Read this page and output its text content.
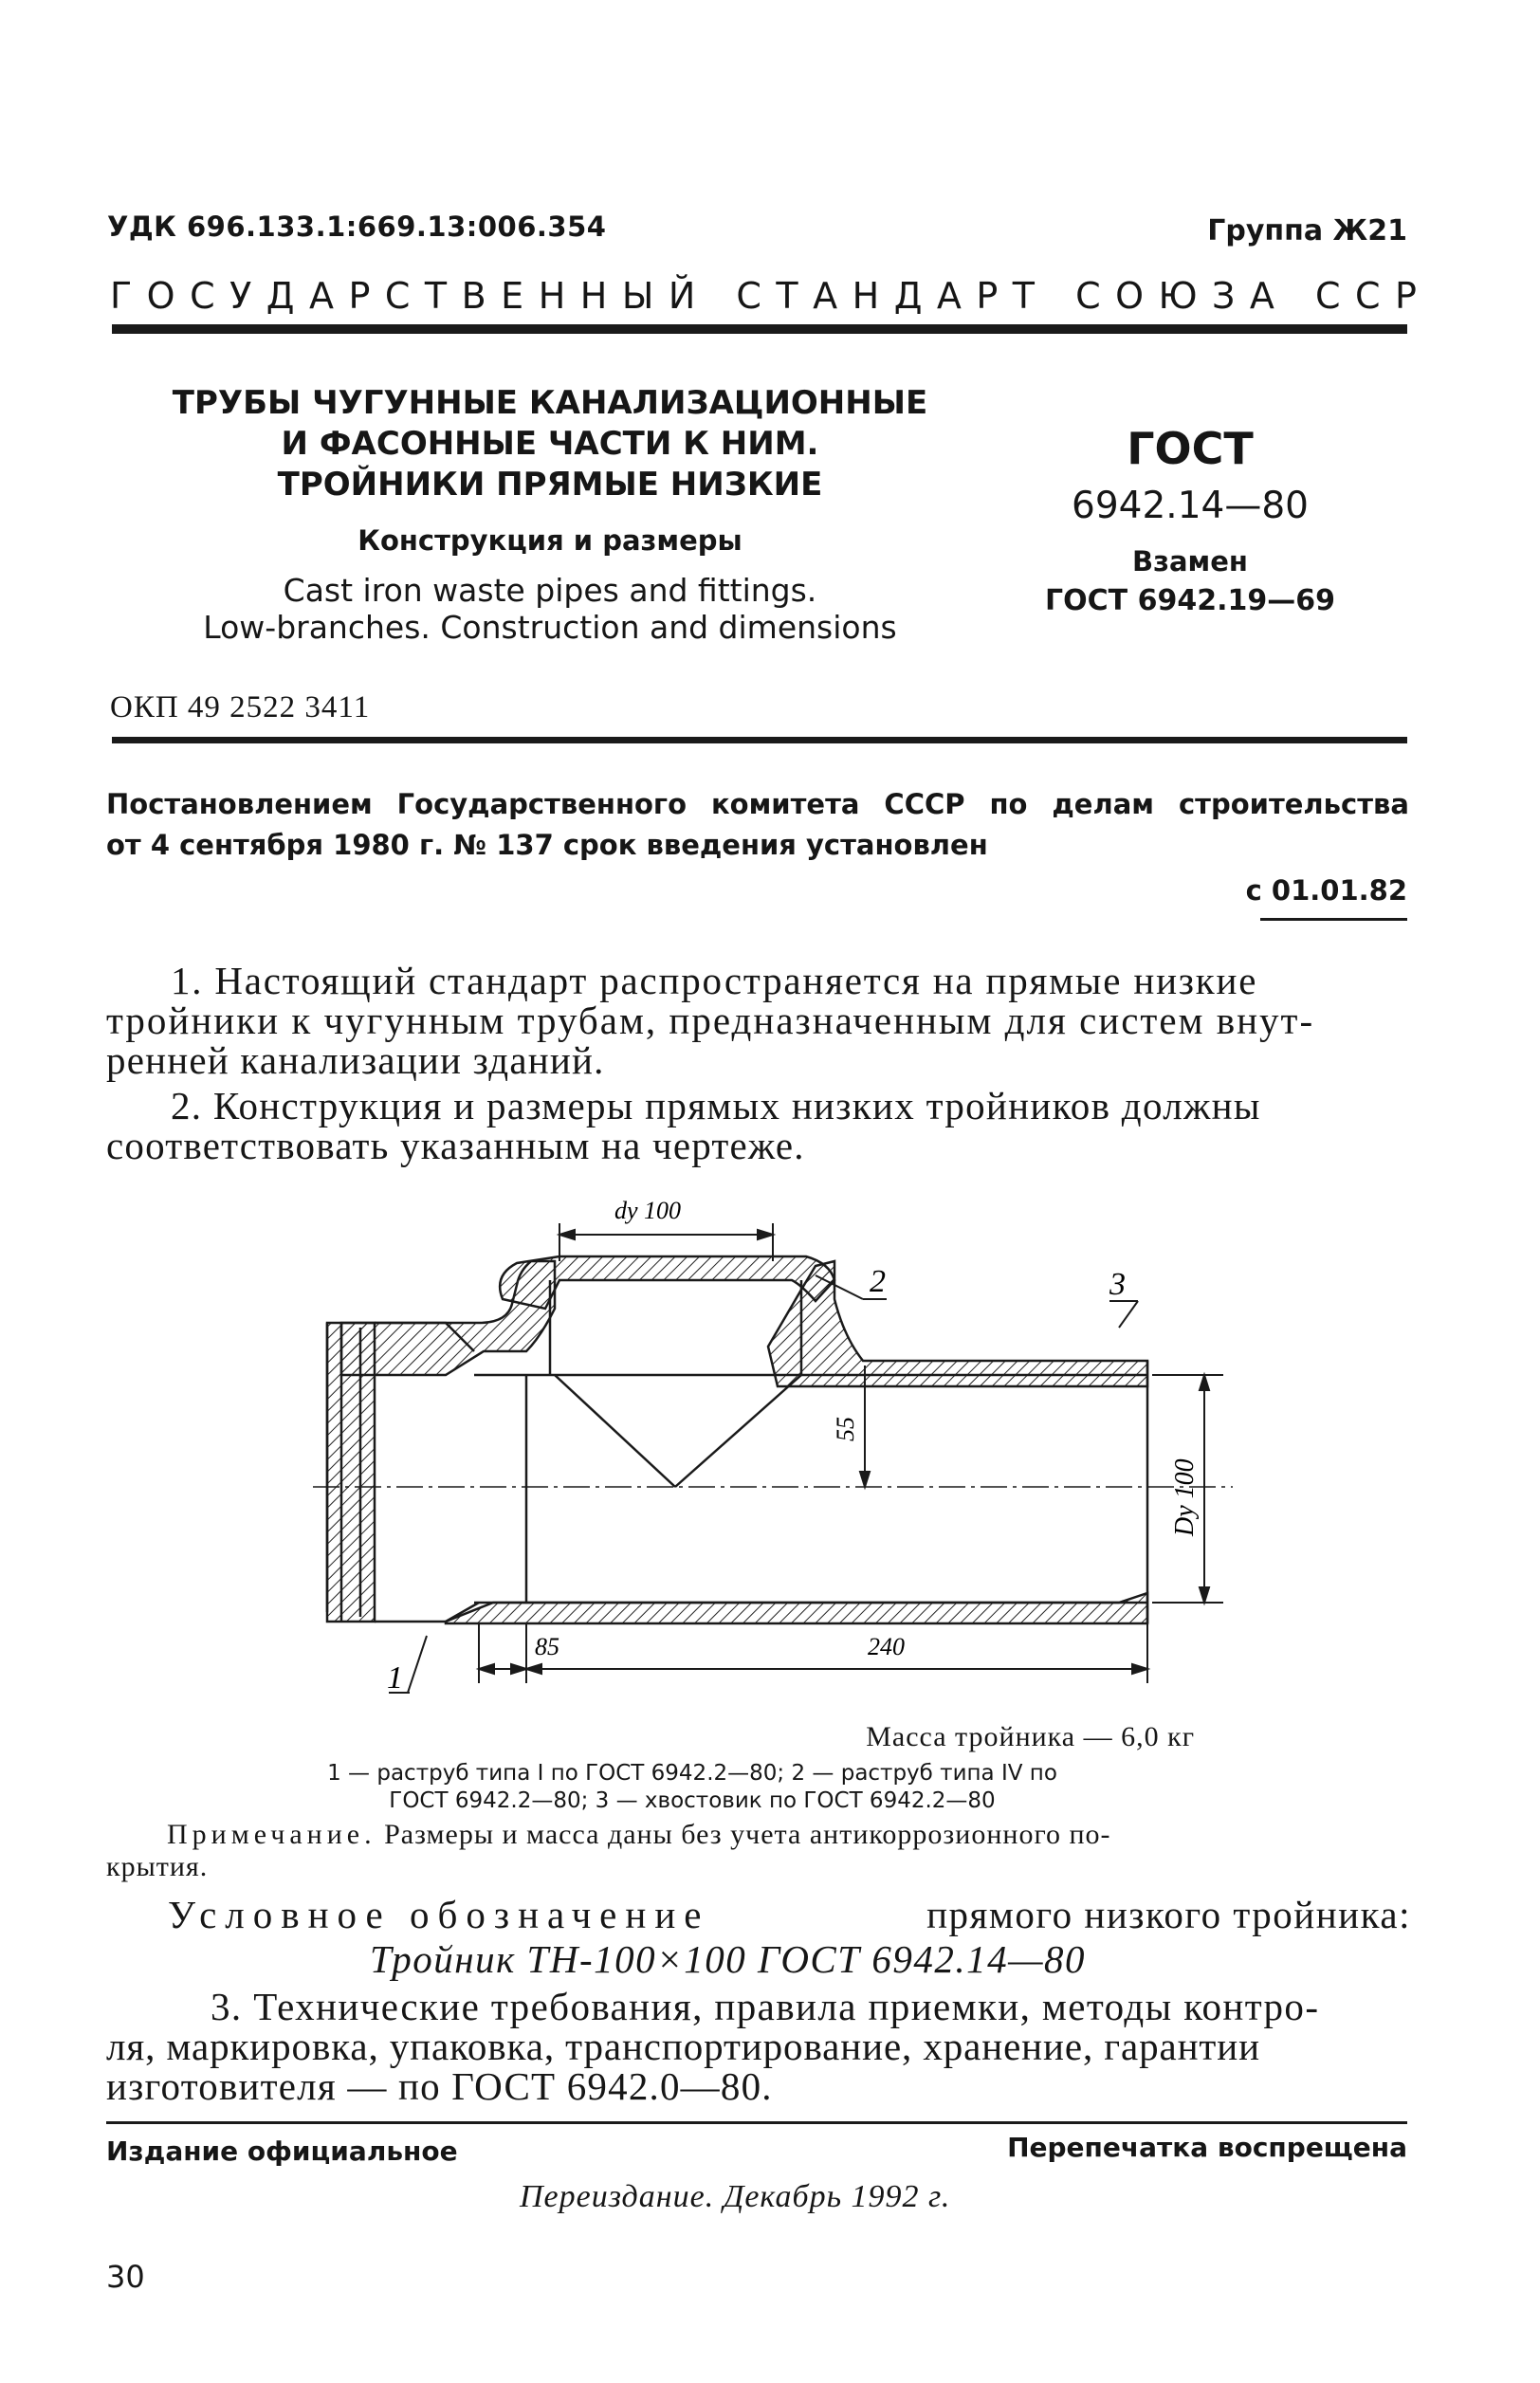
УДК 696.133.1:669.13:006.354	Группа Ж21
ГОСУДАРСТВЕННЫЙ СТАНДАРТ СОЮЗА ССР
ТРУБЫ ЧУГУННЫЕ КАНАЛИЗАЦИОННЫЕ
И ФАСОННЫЕ ЧАСТИ К НИМ.
ТРОЙНИКИ ПРЯМЫЕ НИЗКИЕ
Конструкция и размеры
Cast iron waste pipes and fittings.
Low-branches. Construction and dimensions
ГОСТ
6942.14—80
Взамен
ГОСТ 6942.19—69
ОКП 49 2522 3411
Постановлением Государственного комитета СССР по делам строительства
от 4 сентября 1980 г. № 137 срок введения установлен
с 01.01.82
1. Настоящий стандарт распространяется на прямые низкие
тройники к чугунным трубам, предназначенным для систем внут-
ренней канализации зданий.
2. Конструкция и размеры прямых низких тройников должны
соответствовать указанным на чертеже.
dy 100
55
Dy 100
85	240
2	3
1
Масса тройника — 6,0 кг
1 — раструб типа I по ГОСТ 6942.2—80; 2 — раструб типа IV по
ГОСТ 6942.2—80; 3 — хвостовик по ГОСТ 6942.2—80
Примечание. Размеры и масса даны без учета антикоррозионного по-
крытия.
Условное обозначение	прямого низкого тройника:
Тройник ТН-100×100 ГОСТ 6942.14—80
3. Технические требования, правила приемки, методы контро-
ля, маркировка, упаковка, транспортирование, хранение, гарантии
изготовителя — по ГОСТ 6942.0—80.
Издание официальное	Перепечатка воспрещена
Переиздание. Декабрь 1992 г.
30
